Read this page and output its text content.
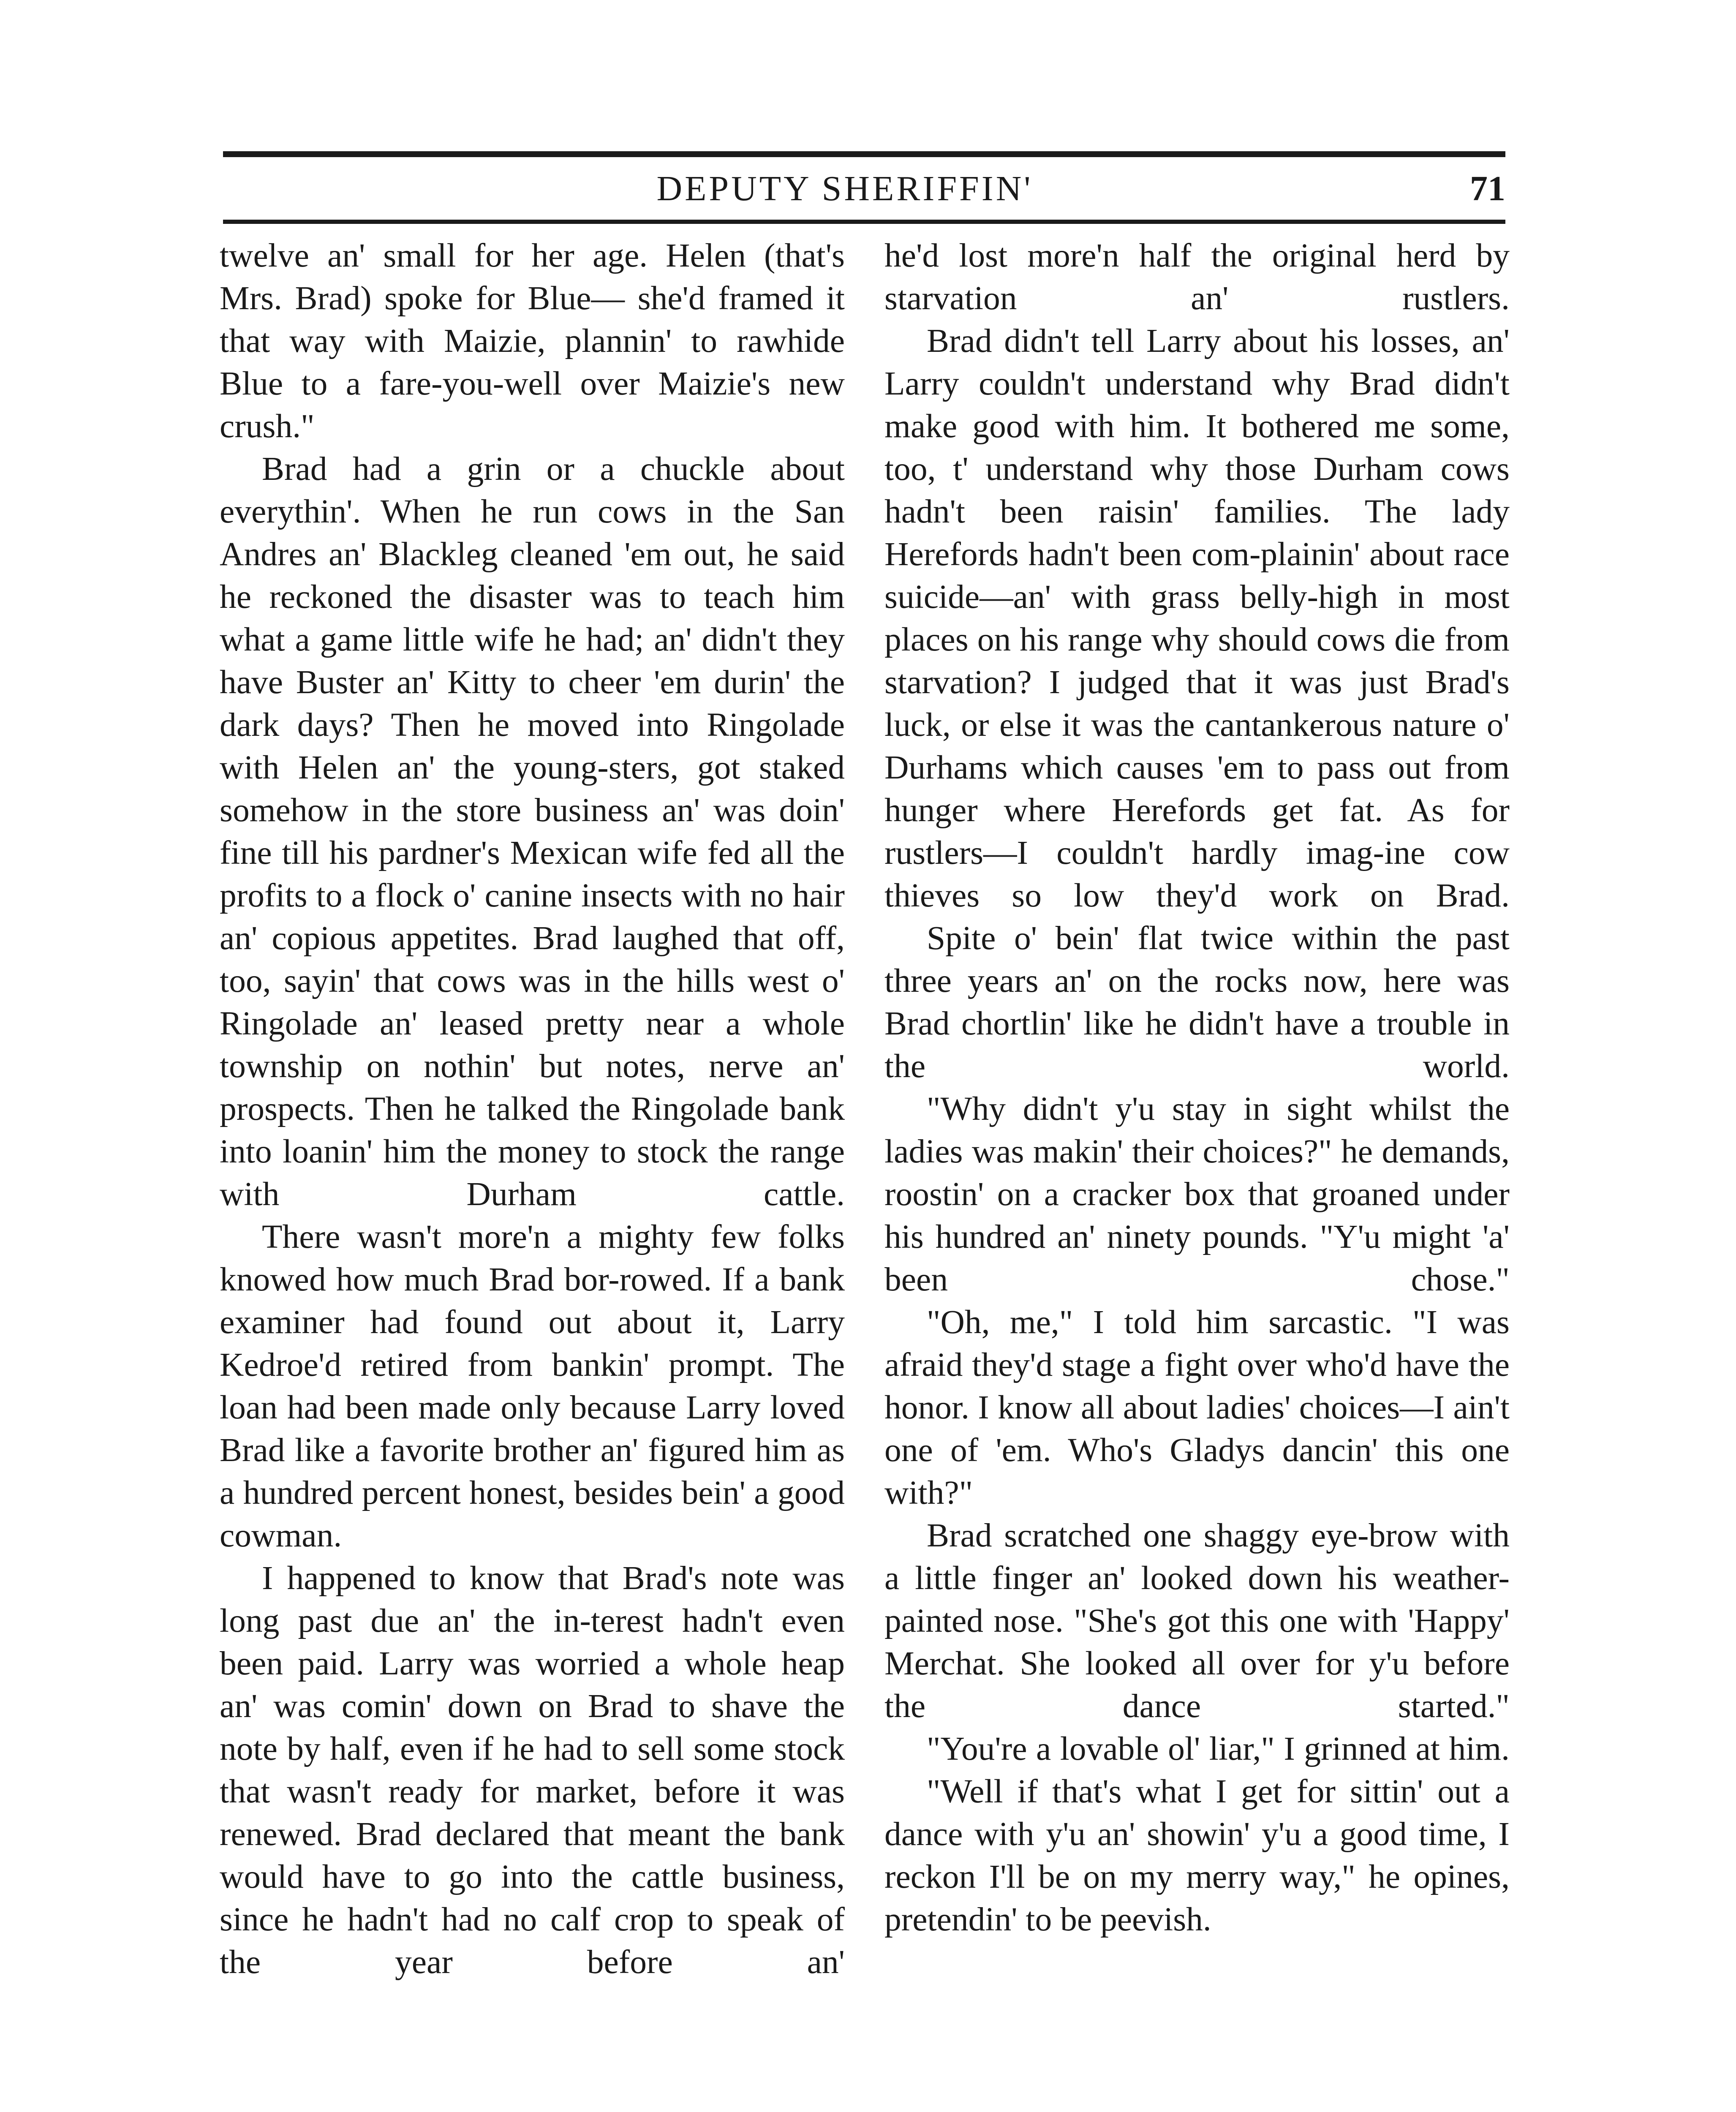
DEPUTY SHERIFFIN'	71

twelve an' small for her age. Helen (that's Mrs. Brad) spoke for Blue— she'd framed it that way with Maizie, plannin' to rawhide Blue to a fare-you-well over Maizie's new crush."

Brad had a grin or a chuckle about everythin'. When he run cows in the San Andres an' Blackleg cleaned 'em out, he said he reckoned the disaster was to teach him what a game little wife he had; an' didn't they have Buster an' Kitty to cheer 'em durin' the dark days? Then he moved into Ringolade with Helen an' the young-sters, got staked somehow in the store business an' was doin' fine till his pardner's Mexican wife fed all the profits to a flock o' canine insects with no hair an' copious appetites. Brad laughed that off, too, sayin' that cows was in the hills west o' Ringolade an' leased pretty near a whole township on nothin' but notes, nerve an' prospects. Then he talked the Ringolade bank into loanin' him the money to stock the range with Durham cattle.

There wasn't more'n a mighty few folks knowed how much Brad bor-rowed. If a bank examiner had found out about it, Larry Kedroe'd retired from bankin' prompt. The loan had been made only because Larry loved Brad like a favorite brother an' figured him as a hundred percent honest, besides bein' a good cowman.

I happened to know that Brad's note was long past due an' the in-terest hadn't even been paid. Larry was worried a whole heap an' was comin' down on Brad to shave the note by half, even if he had to sell some stock that wasn't ready for market, before it was renewed. Brad declared that meant the bank would have to go into the cattle business, since he hadn't had no calf crop to speak of the year before an'

he'd lost more'n half the original herd by starvation an' rustlers.

Brad didn't tell Larry about his losses, an' Larry couldn't understand why Brad didn't make good with him. It bothered me some, too, t' understand why those Durham cows hadn't been raisin' families. The lady Herefords hadn't been com-plainin' about race suicide—an' with grass belly-high in most places on his range why should cows die from starvation? I judged that it was just Brad's luck, or else it was the cantankerous nature o' Durhams which causes 'em to pass out from hunger where Herefords get fat. As for rustlers—I couldn't hardly imag-ine cow thieves so low they'd work on Brad.

Spite o' bein' flat twice within the past three years an' on the rocks now, here was Brad chortlin' like he didn't have a trouble in the world.

"Why didn't y'u stay in sight whilst the ladies was makin' their choices?" he demands, roostin' on a cracker box that groaned under his hundred an' ninety pounds. "Y'u might 'a' been chose."

"Oh, me," I told him sarcastic. "I was afraid they'd stage a fight over who'd have the honor. I know all about ladies' choices—I ain't one of 'em. Who's Gladys dancin' this one with?"

Brad scratched one shaggy eye-brow with a little finger an' looked down his weather-painted nose. "She's got this one with 'Happy' Merchat. She looked all over for y'u before the dance started."

"You're a lovable ol' liar," I grinned at him.

"Well if that's what I get for sittin' out a dance with y'u an' showin' y'u a good time, I reckon I'll be on my merry way," he opines, pretendin' to be peevish.
